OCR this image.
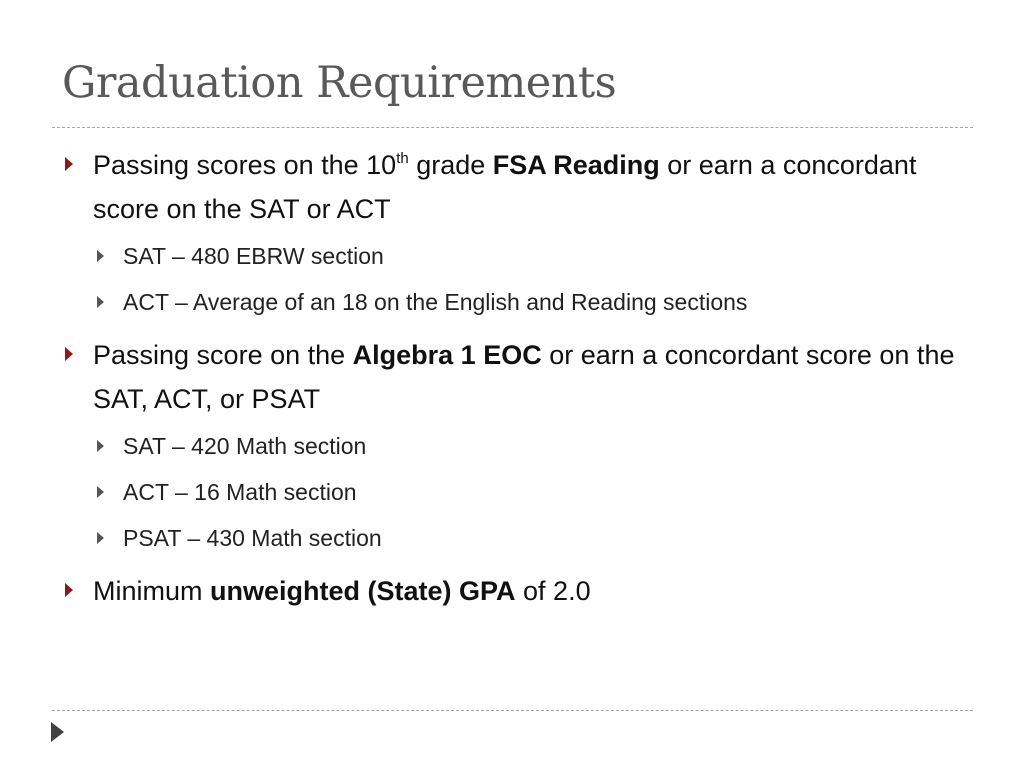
Graduation Requirements
Passing scores on the 10th grade FSA Reading or earn a concordant score on the SAT or ACT
SAT – 480 EBRW section
ACT – Average of an 18 on the English and Reading sections
Passing score on the Algebra 1 EOC or earn a concordant score on the SAT, ACT, or PSAT
SAT – 420 Math section
ACT – 16 Math section
PSAT – 430 Math section
Minimum unweighted (State) GPA of 2.0
